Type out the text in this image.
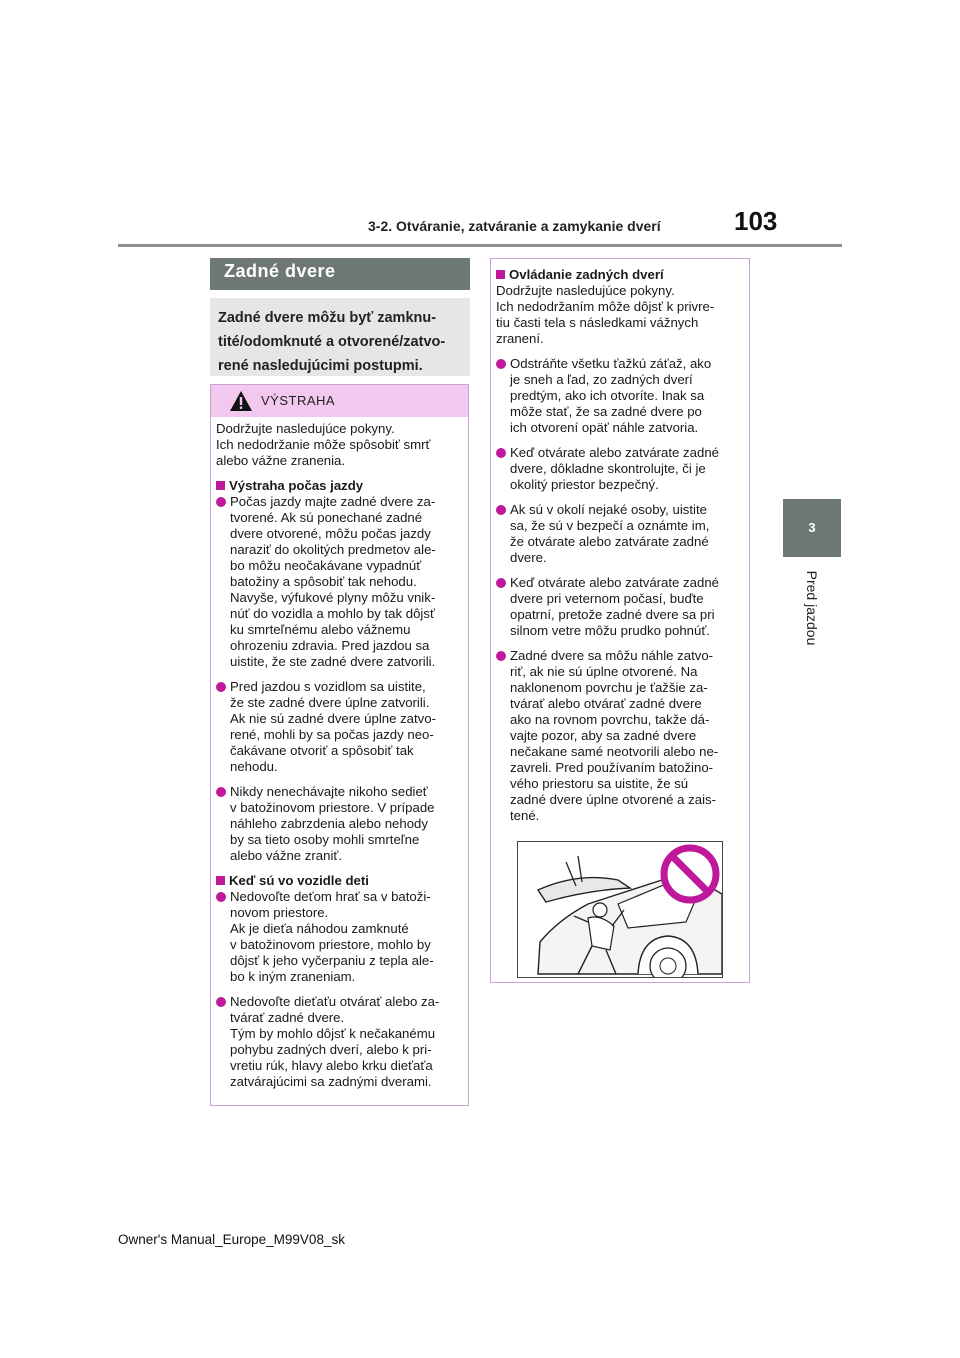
3-2. Otváranie, zatváranie a zamykanie dverí	103
3
Pred jazdou
Zadné dvere

Zadné dvere môžu byť zamknu-
tité/odomknuté a otvorené/zatvo-
rené nasledujúcimi postupmi.

VÝSTRAHA

Dodržujte nasledujúce pokyny.
Ich nedodržanie môže spôsobiť smrť
alebo vážne zranenia.

Výstraha počas jazdy

Počas jazdy majte zadné dvere za-
tvorené. Ak sú ponechané zadné
dvere otvorené, môžu počas jazdy
naraziť do okolitých predmetov ale-
bo môžu neočakávane vypadnúť
batožiny a spôsobiť tak nehodu.
Navyše, výfukové plyny môžu vnik-
núť do vozidla a mohlo by tak dôjsť
ku smrteľnému alebo vážnemu
ohrozeniu zdravia. Pred jazdou sa
uistite, že ste zadné dvere zatvorili.

Pred jazdou s vozidlom sa uistite,
že ste zadné dvere úplne zatvorili.
Ak nie sú zadné dvere úplne zatvo-
rené, mohli by sa počas jazdy neo-
čakávane otvoriť a spôsobiť tak
nehodu.

Nikdy nenechávajte nikoho sedieť
v batožinovom priestore. V prípade
náhleho zabrzdenia alebo nehody
by sa tieto osoby mohli smrteľne
alebo vážne zraniť.

Keď sú vo vozidle deti

Nedovoľte deťom hrať sa v batoži-
novom priestore.
Ak je dieťa náhodou zamknuté
v batožinovom priestore, mohlo by
dôjsť k jeho vyčerpaniu z tepla ale-
bo k iným zraneniam.

Nedovoľte dieťaťu otvárať alebo za-
tvárať zadné dvere.
Tým by mohlo dôjsť k nečakanému
pohybu zadných dverí, alebo k pri-
vretiu rúk, hlavy alebo krku dieťaťa
zatvárajúcimi sa zadnými dverami.

Ovládanie zadných dverí

Dodržujte nasledujúce pokyny.
Ich nedodržaním môže dôjsť k privre-
tiu časti tela s následkami vážnych
zranení.

Odstráňte všetku ťažkú záťaž, ako
je sneh a ľad, zo zadných dverí
predtým, ako ich otvoríte. Inak sa
môže stať, že sa zadné dvere po
ich otvorení opäť náhle zatvoria.

Keď otvárate alebo zatvárate zadné
dvere, dôkladne skontrolujte, či je
okolitý priestor bezpečný.

Ak sú v okolí nejaké osoby, uistite
sa, že sú v bezpečí a oznámte im,
že otvárate alebo zatvárate zadné
dvere.

Keď otvárate alebo zatvárate zadné
dvere pri veternom počasí, buďte
opatrní, pretože zadné dvere sa pri
silnom vetre môžu prudko pohnúť.

Zadné dvere sa môžu náhle zatvo-
riť, ak nie sú úplne otvorené. Na
naklonenom povrchu je ťažšie za-
tvárať alebo otvárať zadné dvere
ako na rovnom povrchu, takže dá-
vajte pozor, aby sa zadné dvere
nečakane samé neotvorili alebo ne-
zavreli. Pred používaním batožino-
vého priestoru sa uistite, že sú
zadné dvere úplne otvorené a zais-
tené.

Owner's Manual_Europe_M99V08_sk
